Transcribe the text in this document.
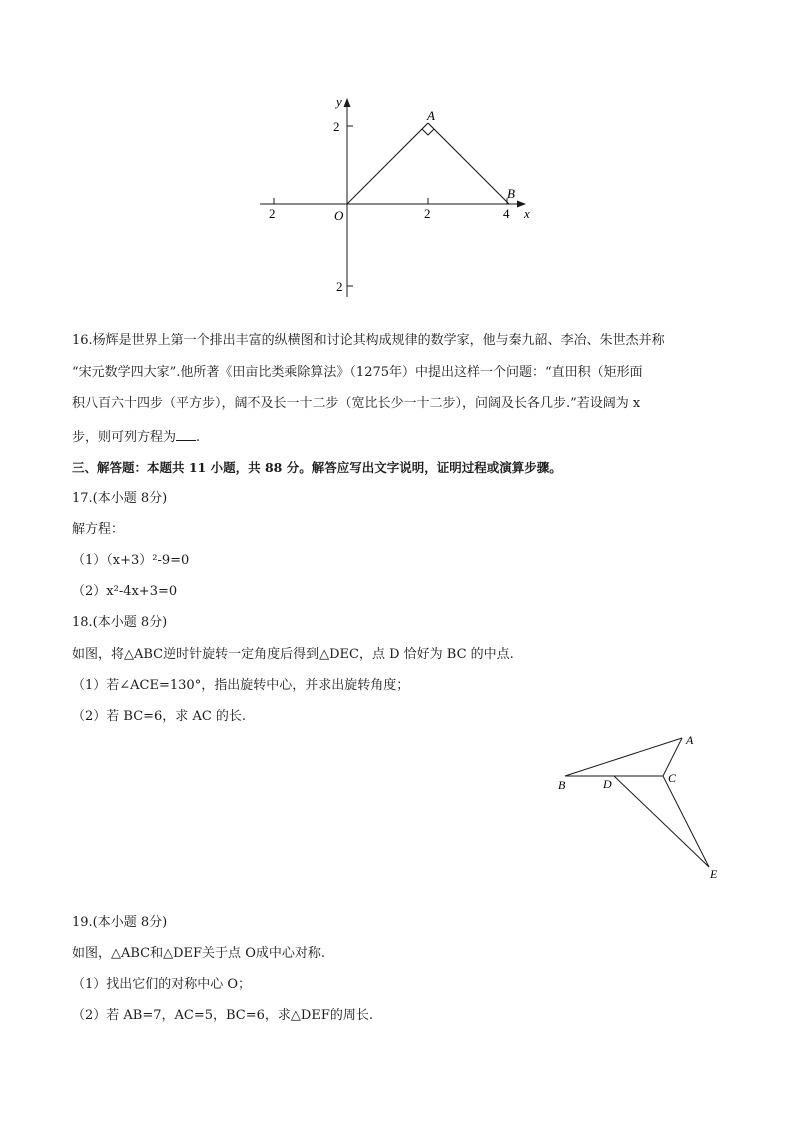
y
x
O
A
B
2
2
2	2	4
16.杨辉是世界上第一个排出丰富的纵横图和讨论其构成规律的数学家，他与秦九韶、李冶、朱世杰并称
“宋元数学四大家”.他所著《田亩比类乘除算法》（1275年）中提出这样一个问题：“直田积（矩形面
积八百六十四步（平方步），阔不及长一十二步（宽比长少一十二步），问阔及长各几步.”若设阔为 x
步，则可列方程为 .
三、解答题：本题共 11 小题，共 88 分。解答应写出文字说明，证明过程或演算步骤。
17.(本小题 8分)
解方程：
（1）（x+3）²-9=0
（2）x²-4x+3=0
18.(本小题 8分)
如图，将△ABC逆时针旋转一定角度后得到△DEC，点 D 恰好为 BC 的中点.
（1）若∠ACE=130°，指出旋转中心，并求出旋转角度；
（2）若 BC=6，求 AC 的长.
A
B	C
D
E
19.(本小题 8分)
如图，△ABC和△DEF关于点 O成中心对称.
（1）找出它们的对称中心 O；
（2）若 AB=7，AC=5，BC=6，求△DEF的周长.
